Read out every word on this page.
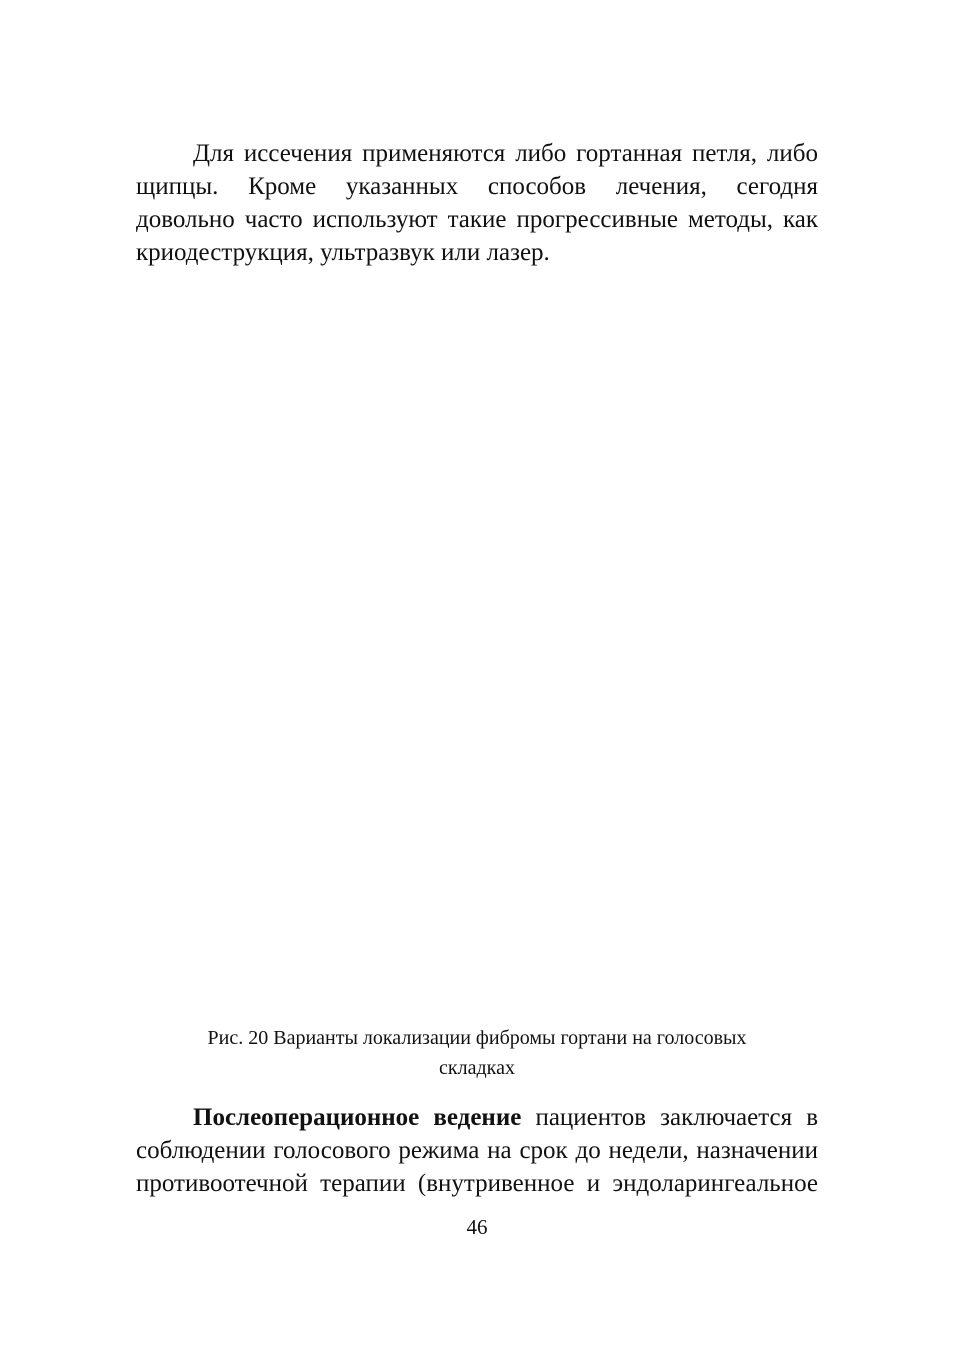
Для иссечения применяются либо гортанная петля, либо
щипцы. Кроме указанных способов лечения, сегодня
довольно часто используют такие прогрессивные методы, как
криодеструкция, ультразвук или лазер.
Рис. 20 Варианты локализации фибромы гортани на голосовых
складках
Послеоперационное ведение пациентов заключается в
соблюдении голосового режима на срок до недели, назначении
противоотечной терапии (внутривенное и эндоларингеальное
46
